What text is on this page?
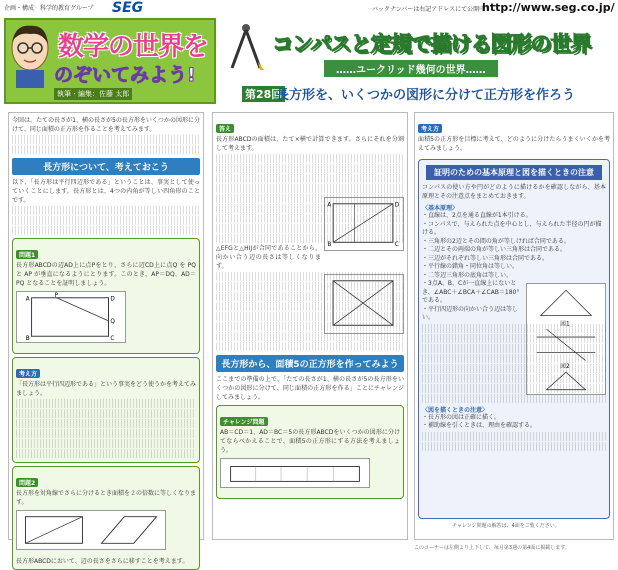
企画・構成　科学的教育グループ SEG	バックナンバーは右記アドレスにて公開中！
http://www.seg.co.jp/
数学の世界を
のぞいてみよう!
執筆・編集：佐藤 太郎
コンパスと定規で描ける図形の世界
……ユークリッド幾何の世界……
第28回
長方形を、いくつかの図形に分けて正方形を作ろう

今回は、たての長さが1、横の長さが5の長方形をいくつかの図形に分けて、同じ面積の正方形を作ることを考えてみます。

長方形について、考えておこう

以下、「長方形は平行四辺形である」ということは、事実として使っていくことにします。長方形とは、4つの内角が等しい四角形のことです。

問題1

長方形ABCDの辺AD上に点Pをとり、さらに辺CD上に点Q を PQ と AP が垂直になるようにとります。このとき、AP＝DQ、AD＝PQ となることを証明しましょう。

A	D
B	C
P
Q
考え方

「長方形は平行四辺形である」という事実をどう使うかを考えてみましょう。

問題2

長方形を対角線でさらに分けるとき面積を２の倍数に等しくなります。

長方形ABCDにおいて、辺の長さをさらに移すことを考えます。

答え

長方形ABCDの面積は、たて×横で計算できます。さらにそれを分割して考えます。

A	D
B	C

△EFGと△HIJが合同であることから、向かい合う辺の長さは等しくなります。

長方形から、面積5の正方形を作ってみよう

ここまでの準備の上で、「たての長さが1、横の長さが5の長方形をいくつかの図形に分けて、同じ面積の正方形を作る」ことにチャレンジしてみましょう。

チャレンジ問題

AB＝CD＝1、AD＝BC＝5の長方形ABCDをいくつかの図形に分けてならべかえることで、面積5の正方形にする方法を考えましょう。

考え方

面積5の正方形を目標に考えて、どのように分けたらうまくいくかを考えてみましょう。

証明のための基本原理と図を描くときの注意

コンパスの使い方や円がどのように描けるかを確認しながら、基本原理とその注意点をまとめておきます。

〈基本原理〉
・直線は、2点を通る直線が1本引ける。
・コンパスで、与えられた点を中心とし、与えられた半径の円が描ける。
・三角形の2辺とその間の角が等しければ合同である。
・二辺とその両端の角が等しい三角形は合同である。
・三辺がそれぞれ等しい三角形は合同である。
・平行線の錯角・同位角は等しい。
・二等辺三角形の底角は等しい。
図1
図2
・3点A、B、Cが一直線上にないとき、∠ABC＋∠BCA＋∠CAB＝180°である。
・平行四辺形の向かい合う辺は等しい。
〈図を描くときの注意〉
・長方形の図は正確に描く。
・補助線を引くときは、理由を確認する。
チャレンジ問題の解答は、4面をご覧ください。
このコーナーは左側より上下して、毎月第3週の第4面に掲載します。
